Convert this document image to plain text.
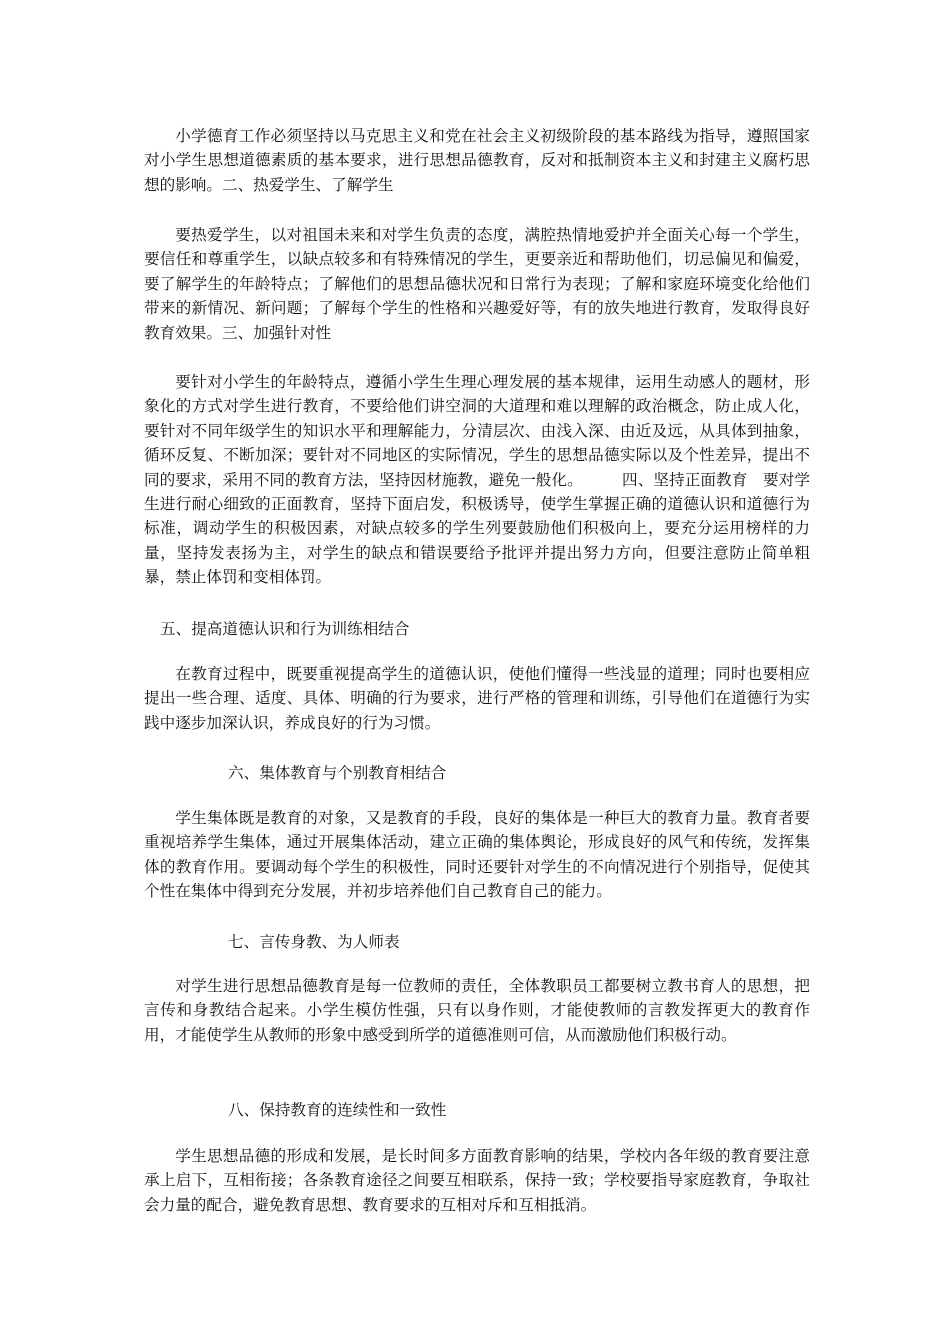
小学德育工作必须坚持以马克思主义和党在社会主义初级阶段的基本路线为指导，遵照国家对小学生思想道德素质的基本要求，进行思想品德教育，反对和抵制资本主义和封建主义腐朽思想的影响。二、热爱学生、了解学生

要热爱学生，以对祖国未来和对学生负责的态度，满腔热情地爱护并全面关心每一个学生，要信任和尊重学生，以缺点较多和有特殊情况的学生，更要亲近和帮助他们，切忌偏见和偏爱，要了解学生的年龄特点；了解他们的思想品德状况和日常行为表现；了解和家庭环境变化给他们带来的新情况、新问题；了解每个学生的性格和兴趣爱好等，有的放失地进行教育，发取得良好教育效果。三、加强针对性

要针对小学生的年龄特点，遵循小学生生理心理发展的基本规律，运用生动感人的题材，形象化的方式对学生进行教育，不要给他们讲空洞的大道理和难以理解的政治概念，防止成人化，要针对不同年级学生的知识水平和理解能力，分清层次、由浅入深、由近及远，从具体到抽象，循环反复、不断加深；要针对不同地区的实际情况，学生的思想品德实际以及个性差异，提出不同的要求，采用不同的教育方法，坚持因材施教，避免一般化。　　　四、坚持正面教育　要对学生进行耐心细致的正面教育，坚持下面启发，积极诱导，使学生掌握正确的道德认识和道德行为标准，调动学生的积极因素，对缺点较多的学生列要鼓励他们积极向上，要充分运用榜样的力量，坚持发表扬为主，对学生的缺点和错误要给予批评并提出努力方向，但要注意防止简单粗暴，禁止体罚和变相体罚。

五、提高道德认识和行为训练相结合

在教育过程中，既要重视提高学生的道德认识，使他们懂得一些浅显的道理；同时也要相应提出一些合理、适度、具体、明确的行为要求，进行严格的管理和训练，引导他们在道德行为实践中逐步加深认识，养成良好的行为习惯。

六、集体教育与个别教育相结合

学生集体既是教育的对象，又是教育的手段，良好的集体是一种巨大的教育力量。教育者要重视培养学生集体，通过开展集体活动，建立正确的集体舆论，形成良好的风气和传统，发挥集体的教育作用。要调动每个学生的积极性，同时还要针对学生的不向情况进行个别指导，促使其个性在集体中得到充分发展，并初步培养他们自己教育自己的能力。

七、言传身教、为人师表

对学生进行思想品德教育是每一位教师的责任，全体教职员工都要树立教书育人的思想，把言传和身教结合起来。小学生模仿性强，只有以身作则，才能使教师的言教发挥更大的教育作用，才能使学生从教师的形象中感受到所学的道德准则可信，从而激励他们积极行动。

八、保持教育的连续性和一致性

学生思想品德的形成和发展，是长时间多方面教育影响的结果，学校内各年级的教育要注意承上启下，互相衔接；各条教育途径之间要互相联系，保持一致；学校要指导家庭教育，争取社会力量的配合，避免教育思想、教育要求的互相对斥和互相抵消。
